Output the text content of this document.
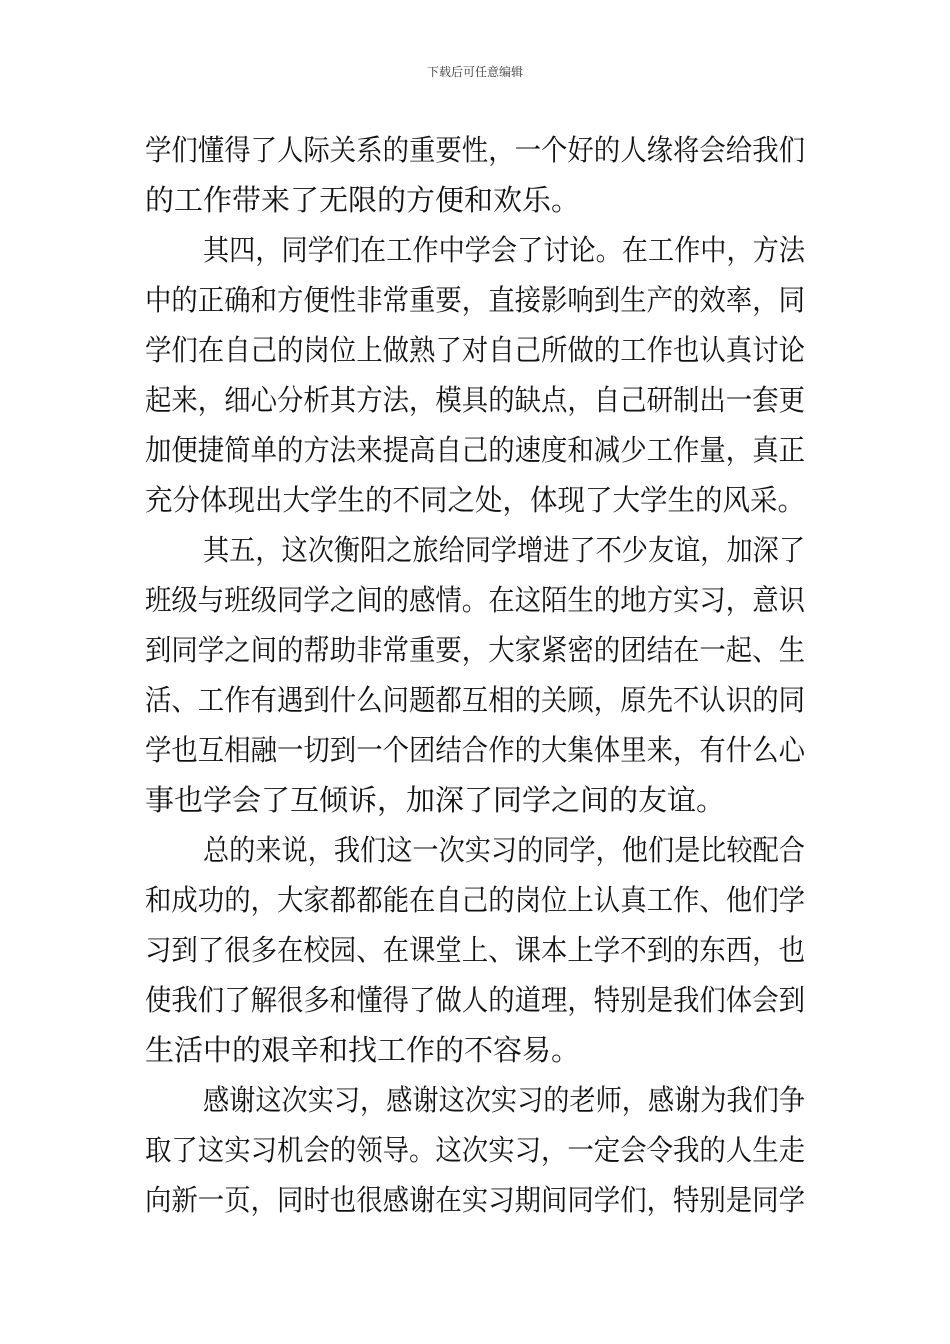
下载后可任意编辑
学们懂得了人际关系的重要性，一个好的人缘将会给我们
的工作带来了无限的方便和欢乐。
其四，同学们在工作中学会了讨论。在工作中，方法
中的正确和方便性非常重要，直接影响到生产的效率，同
学们在自己的岗位上做熟了对自己所做的工作也认真讨论
起来，细心分析其方法，模具的缺点，自己研制出一套更
加便捷简单的方法来提高自己的速度和减少工作量，真正
充分体现出大学生的不同之处，体现了大学生的风采。
其五，这次衡阳之旅给同学增进了不少友谊，加深了
班级与班级同学之间的感情。在这陌生的地方实习，意识
到同学之间的帮助非常重要，大家紧密的团结在一起、生
活、工作有遇到什么问题都互相的关顾，原先不认识的同
学也互相融一切到一个团结合作的大集体里来，有什么心
事也学会了互倾诉，加深了同学之间的友谊。
总的来说，我们这一次实习的同学，他们是比较配合
和成功的，大家都都能在自己的岗位上认真工作、他们学
习到了很多在校园、在课堂上、课本上学不到的东西，也
使我们了解很多和懂得了做人的道理，特别是我们体会到
生活中的艰辛和找工作的不容易。
感谢这次实习，感谢这次实习的老师，感谢为我们争
取了这实习机会的领导。这次实习，一定会令我的人生走
向新一页，同时也很感谢在实习期间同学们，特别是同学
